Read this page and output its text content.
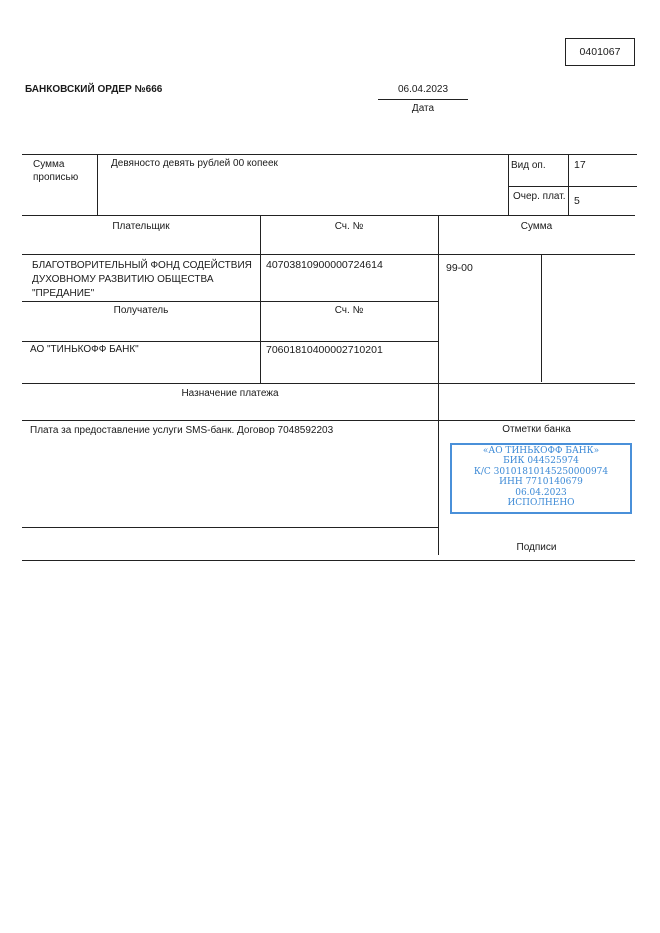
0401067
БАНКОВСКИЙ ОРДЕР №666	06.04.2023
Дата
Сумма
прописью
Девяносто девять рублей 00 копеек	Вид оп.	17
Очер. плат. 5
Плательщик	Сч. №	Сумма
БЛАГОТВОРИТЕЛЬНЫЙ ФОНД СОДЕЙСТВИЯ
ДУХОВНОМУ РАЗВИТИЮ ОБЩЕСТВА
"ПРЕДАНИЕ"
40703810900000724614	99-00
Получатель	Сч. №
АО "ТИНЬКОФФ БАНК"	70601810400002710201
Назначение платежа
Плата за предоставление услуги SMS-банк. Договор 7048592203	Отметки банка
«АО ТИНЬКОФФ БАНК»
БИК 044525974
К/С 30101810145250000974
ИНН 7710140679
06.04.2023
ИСПОЛНЕНО
Подписи
